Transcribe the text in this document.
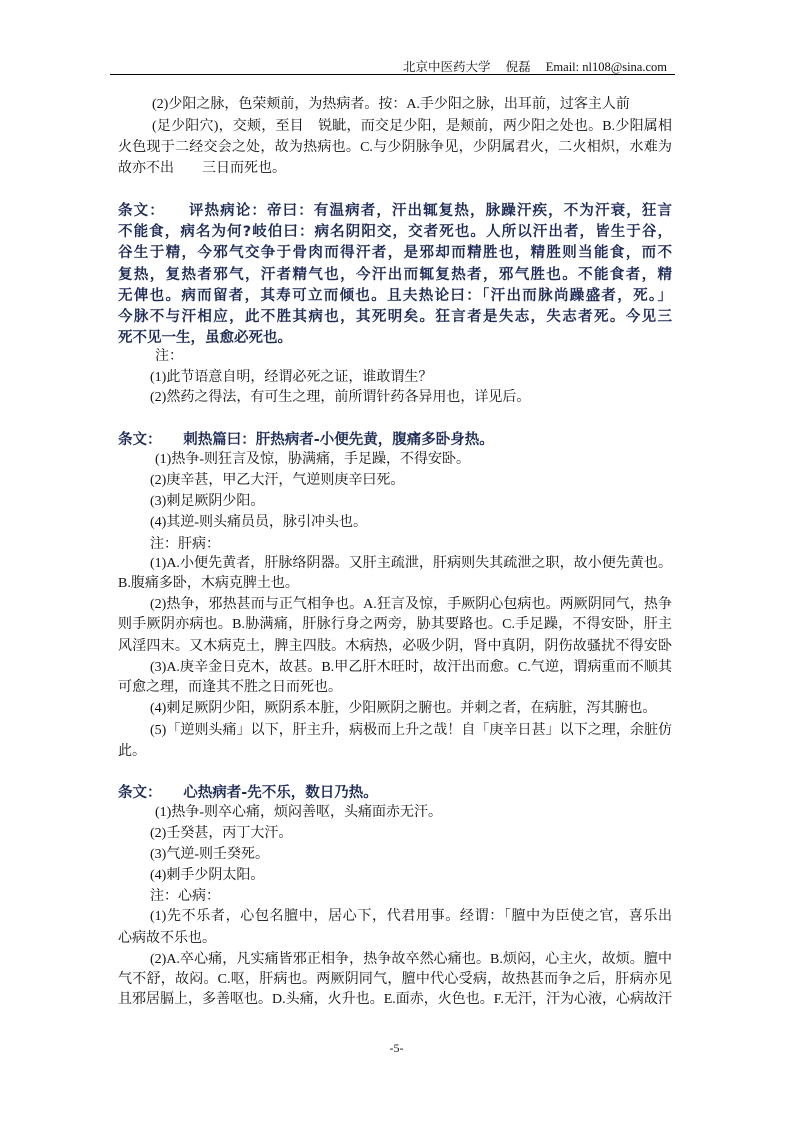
北京中医药大学 倪磊 Email: nl108@sina.com
(2)少阳之脉，色荣颊前，为热病者。按：A.手少阳之脉，出耳前，过客主人前
(足少阳穴)，交颊，至目　锐眦，而交足少阳，是颊前，两少阳之处也。B.少阳属相
火色现于二经交会之处，故为热病也。C.与少阴脉争见，少阴属君火，二火相炽，水难为
故亦不出　　三日而死也。
条文：　　评热病论：帝曰：有温病者，汗出辄复热，脉躁汗疾，不为汗衰，狂言
不能食，病名为何?岐伯曰：病名阴阳交，交者死也。人所以汗出者，皆生于谷，
谷生于精，今邪气交争于骨肉而得汗者，是邪却而精胜也，精胜则当能食，而不
复热，复热者邪气，汗者精气也，今汗出而辄复热者，邪气胜也。不能食者，精
无俾也。病而留者，其寿可立而倾也。且夫热论曰：「汗出而脉尚躁盛者，死。」
今脉不与汗相应，此不胜其病也，其死明矣。狂言者是失志，失志者死。今见三
死不见一生，虽愈必死也。
注：
(1)此节语意自明，经谓必死之证，谁敢谓生？
(2)然药之得法，有可生之理，前所谓针药各异用也，详见后。
条文：　　刺热篇曰：肝热病者-小便先黄，腹痛多卧身热。
(1)热争-则狂言及惊，胁满痛，手足躁，不得安卧。
(2)庚辛甚，甲乙大汗，气逆则庚辛曰死。
(3)刺足厥阴少阳。
(4)其逆-则头痛员员，脉引冲头也。
注：肝病：
(1)A.小便先黄者，肝脉络阴器。又肝主疏泄，肝病则失其疏泄之职，故小便先黄也。
B.腹痛多卧，木病克脾土也。
(2)热争，邪热甚而与正气相争也。A.狂言及惊，手厥阴心包病也。两厥阴同气，热争
则手厥阴亦病也。B.胁满痛，肝脉行身之两旁，胁其要路也。C.手足躁，不得安卧，肝主
风淫四末。又木病克土，脾主四肢。木病热，必吸少阴，肾中真阴，阴伤故骚扰不得安卧
(3)A.庚辛金日克木，故甚。B.甲乙肝木旺时，故汗出而愈。C.气逆，谓病重而不顺其
可愈之理，而逢其不胜之日而死也。
(4)刺足厥阴少阳，厥阴系本脏，少阳厥阴之腑也。并刺之者，在病脏，泻其腑也。
(5)「逆则头痛」以下，肝主升，病极而上升之哉！自「庚辛日甚」以下之理，余脏仿
此。
条文：　　心热病者-先不乐，数日乃热。
(1)热争-则卒心痛，烦闷善呕，头痛面赤无汗。
(2)壬癸甚，丙丁大汗。
(3)气逆-则壬癸死。
(4)刺手少阴太阳。
注：心病：
(1)先不乐者，心包名膻中，居心下，代君用事。经谓：「膻中为臣使之官，喜乐出
心病故不乐也。
(2)A.卒心痛，凡实痛皆邪正相争，热争故卒然心痛也。B.烦闷，心主火，故烦。膻中
气不舒，故闷。C.呕，肝病也。两厥阴同气，膻中代心受病，故热甚而争之后，肝病亦见
且邪居膈上，多善呕也。D.头痛，火升也。E.面赤，火色也。F.无汗，汗为心液，心病故汗
-5-
